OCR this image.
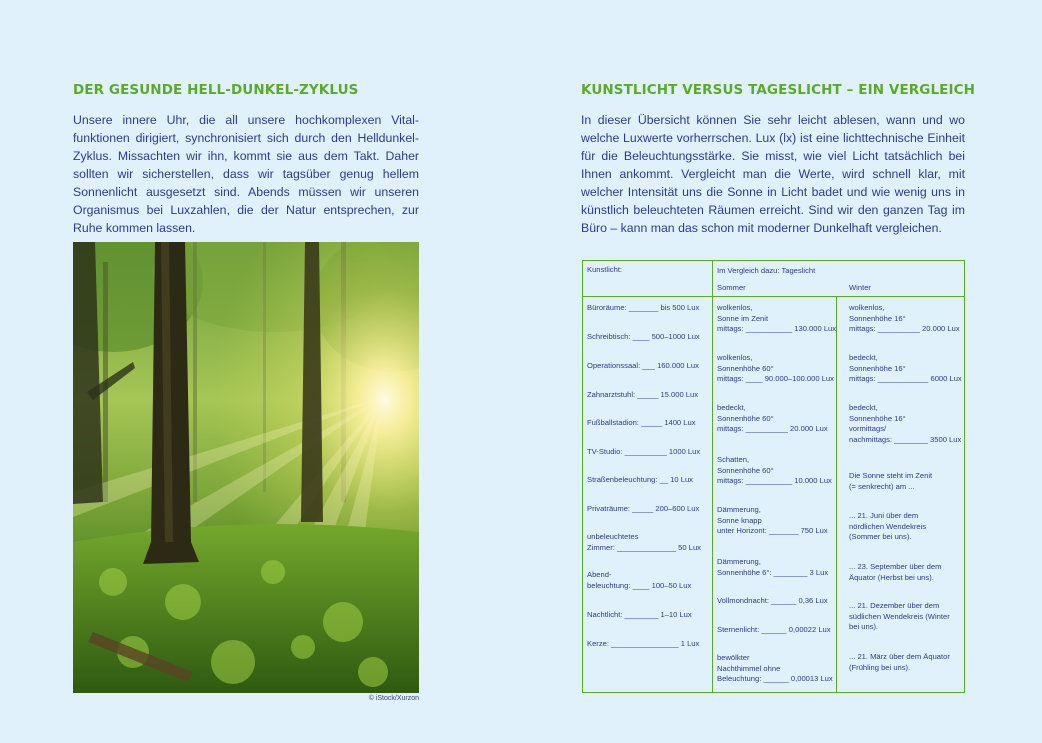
DER GESUNDE HELL-DUNKEL-ZYKLUS

Unsere innere Uhr, die all unsere hochkomplexen Vitalfunktionen dirigiert, synchronisiert sich durch den Helldunkel-Zyklus. Missachten wir ihn, kommt sie aus dem Takt. Daher sollten wir sicherstellen, dass wir tagsüber genug hellem Sonnenlicht ausgesetzt sind. Abends müssen wir unseren Organismus bei Luxzahlen, die der Natur entsprechen, zur Ruhe kommen lassen.

© iStock/Xurzon
KUNSTLICHT VERSUS TAGESLICHT – EIN VERGLEICH

In dieser Übersicht können Sie sehr leicht ablesen, wann und wo welche Luxwerte vorherrschen. Lux (lx) ist eine lichttechnische Einheit für die Beleuchtungsstärke. Sie misst, wie viel Licht tatsächlich bei Ihnen ankommt. Vergleicht man die Werte, wird schnell klar, mit welcher Intensität uns die Sonne in Licht badet und wie wenig uns in künstlich beleuchteten Räumen erreicht. Sind wir den ganzen Tag im Büro – kann man das schon mit moderner Dunkelhaft vergleichen.

Kunstlicht:	Im Vergleich dazu: Tageslicht
Sommer	Winter
Büroräume: _______ bis 500 Lux
Schreibtisch: ____ 500–1000 Lux
Operationssaal: ___ 160.000 Lux
Zahnarztstuhl: _____ 15.000 Lux
Fußballstadion: _____ 1400 Lux
TV-Studio: __________ 1000 Lux
Straßenbeleuchtung: __ 10 Lux
Privaträume: _____ 200–600 Lux
unbeleuchtetes
Zimmer: ______________ 50 Lux
Abend-
beleuchtung: ____ 100–50 Lux
Nachtlicht: ________ 1–10 Lux
Kerze: ________________ 1 Lux
wolkenlos,
Sonne im Zenit
mittags: ___________ 130.000 Lux
wolkenlos,
Sonnenhöhe 60°
mittags: ____ 90.000–100.000 Lux
bedeckt,
Sonnenhöhe 60°
mittags: __________ 20.000 Lux
Schatten,
Sonnenhöhe 60°
mittags: ___________ 10.000 Lux
Dämmerung,
Sonne knapp
unter Horizont: _______ 750 Lux
Dämmerung,
Sonnenhöhe 6°: ________ 3 Lux
Vollmondnacht: ______ 0,36 Lux
Sternenlicht: ______ 0,00022 Lux
bewölkter
Nachthimmel ohne
Beleuchtung: ______ 0,00013 Lux
wolkenlos,
Sonnenhöhe 16°
mittags: __________ 20.000 Lux
bedeckt,
Sonnenhöhe 16°
mittags: ____________ 6000 Lux
bedeckt,
Sonnenhöhe 16°
vormittags/
nachmittags: ________ 3500 Lux
Die Sonne steht im Zenit
(= senkrecht) am ...
... 21. Juni über dem
nördlichen Wendekreis
(Sommer bei uns).
... 23. September über dem
Äquator (Herbst bei uns).
... 21. Dezember über dem
südlichen Wendekreis (Winter
bei uns).
... 21. März über dem Äquator
(Frühling bei uns).
